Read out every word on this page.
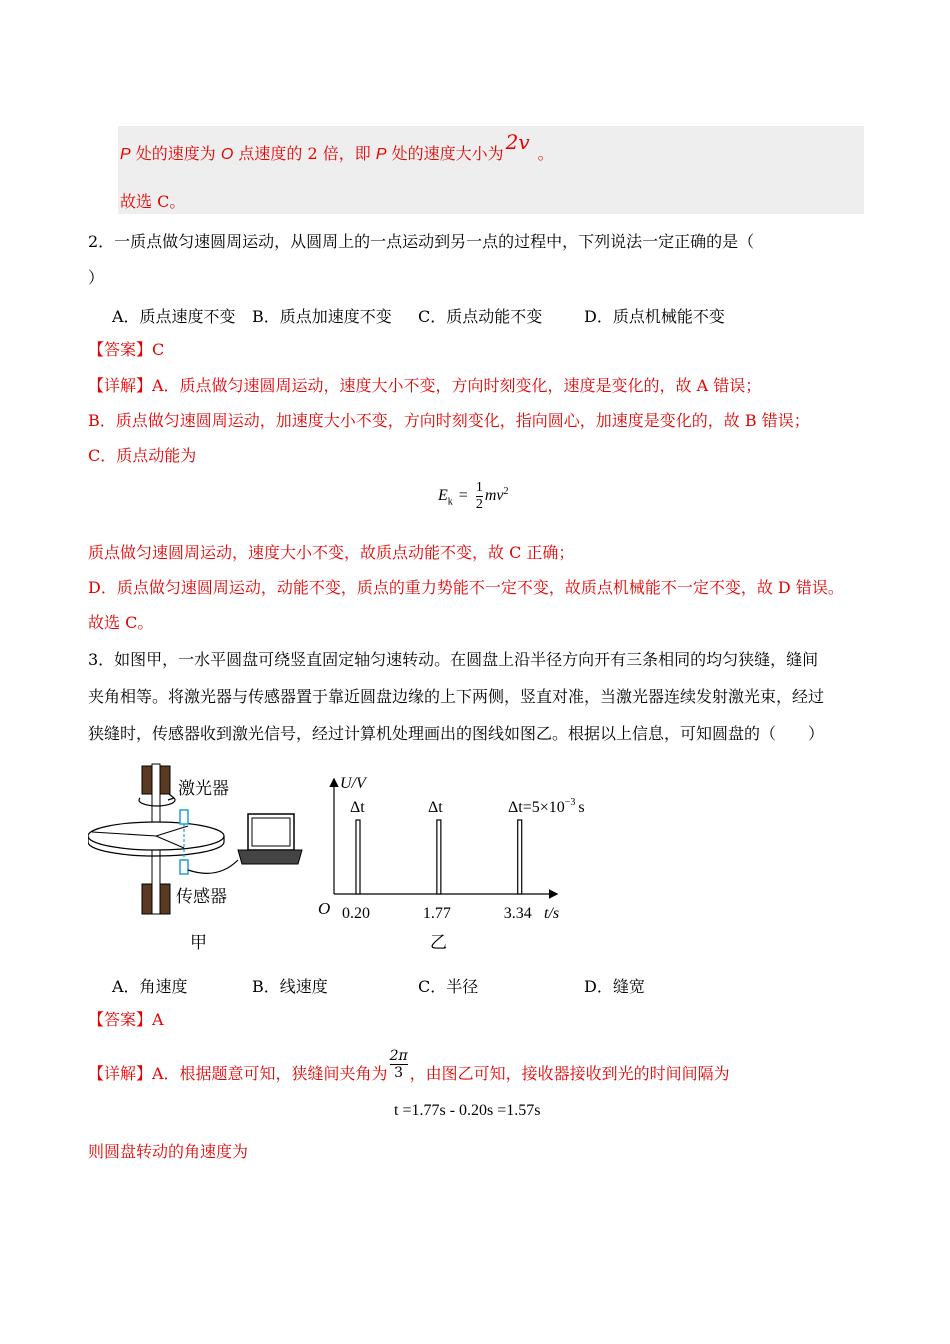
P 处的速度为 O 点速度的 2 倍，即 P 处的速度大小为 2v 。
故选 C。
2．一质点做匀速圆周运动，从圆周上的一点运动到另一点的过程中，下列说法一定正确的是（
）
A．质点速度不变 B．质点加速度不变 C．质点动能不变	D．质点机械能不变
【答案】C
【详解】A．质点做匀速圆周运动，速度大小不变，方向时刻变化，速度是变化的，故 A 错误；
B．质点做匀速圆周运动，加速度大小不变，方向时刻变化，指向圆心，加速度是变化的，故 B 错误；
C．质点动能为
$E_k = \frac{1}{2} mv^2$
质点做匀速圆周运动，速度大小不变，故质点动能不变，故 C 正确；
D．质点做匀速圆周运动，动能不变，质点的重力势能不一定不变，故质点机械能不一定不变，故 D 错误。
故选 C。
3．如图甲，一水平圆盘可绕竖直固定轴匀速转动。在圆盘上沿半径方向开有三条相同的均匀狭缝，缝间
夹角相等。将激光器与传感器置于靠近圆盘边缘的上下两侧，竖直对准，当激光器连续发射激光束，经过
狭缝时，传感器收到激光信号，经过计算机处理画出的图线如图乙。根据以上信息，可知圆盘的（　　）
激光器
传感器
甲
U/V
O	t/s
0.20	1.77	3.34
Δt	Δt	$\Delta t=5\times 10^{-3}$ s
乙
A．角速度	B．线速度	C．半径	D．缝宽
【答案】A
【详解】A．根据题意可知，狭缝间夹角为 $\frac{2\pi}{3}$ ，由图乙可知，接收器接收到光的时间间隔为
t =1.77s - 0.20s =1.57s
则圆盘转动的角速度为
